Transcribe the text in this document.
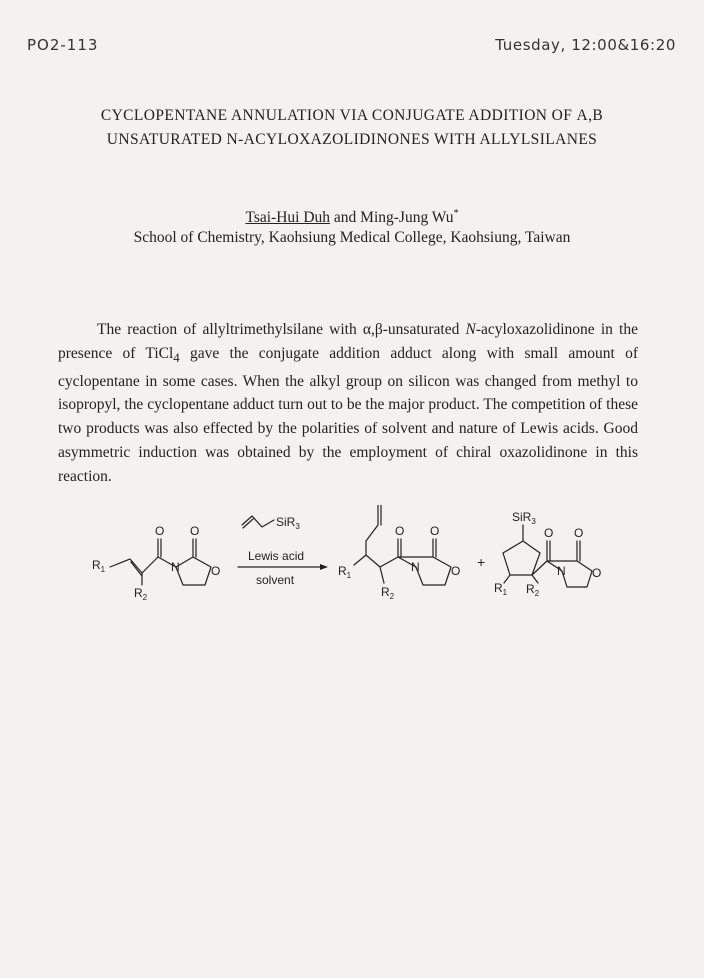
PO2-113	Tuesday, 12:00&16:20
CYCLOPENTANE ANNULATION VIA CONJUGATE ADDITION OF Α,Β
UNSATURATED N-ACYLOXAZOLIDINONES WITH ALLYLSILANES
Tsai-Hui Duh and Ming-Jung Wu*
School of Chemistry, Kaohsiung Medical College, Kaohsiung, Taiwan
The reaction of allyltrimethylsilane with α,β-unsaturated N-acyloxazolidinone in the presence of TiCl$_4$ gave the conjugate addition adduct along with small amount of cyclopentane in some cases. When the alkyl group on silicon was changed from methyl to isopropyl, the cyclopentane adduct turn out to be the major product. The competition of these two products was also effected by the polarities of solvent and nature of Lewis acids. Good asymmetric induction was obtained by the employment of chiral oxazolidinone in this reaction.
$R_1$
$R_2$
O O
N	O
SiR$_3$
Lewis acid
solvent
$R_1$
$R_2$
O O
N	O
+
SiR$_3$
$R_1$ $R_2$
O O
N O
